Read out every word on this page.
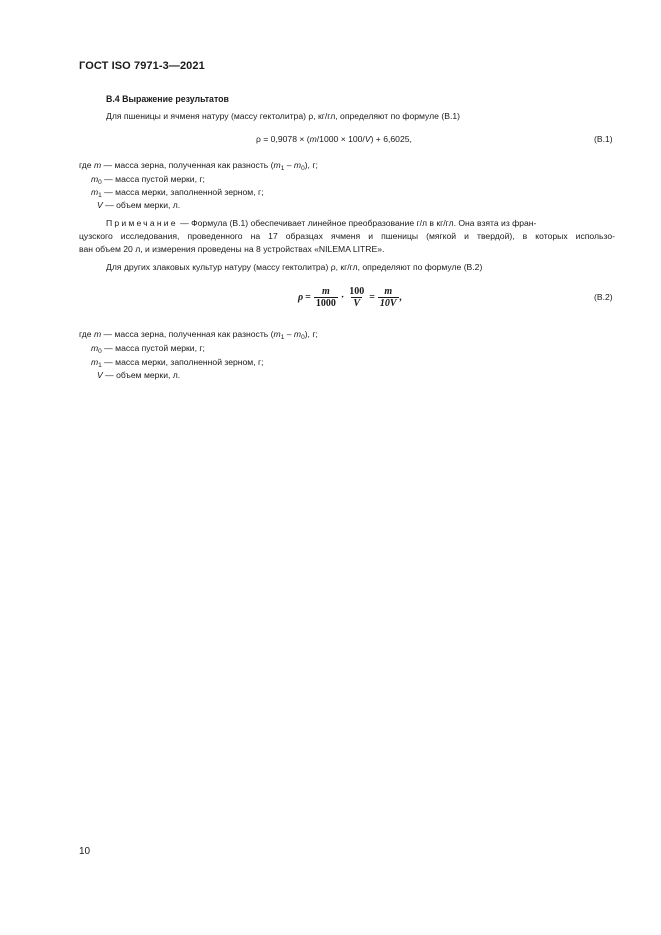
ГОСТ ISO 7971-3—2021
В.4 Выражение результатов
Для пшеницы и ячменя натуру (массу гектолитра) ρ, кг/гл, определяют по формуле (В.1)
ρ = 0,9078 × (m/1000 × 100/V) + 6,6025,	(В.1)
где m — масса зерна, полученная как разность $(m_1 - m_0)$, г;
$m_0$ — масса пустой мерки, г;
$m_1$ — масса мерки, заполненной зерном, г;
V — объем мерки, л.
Примечание — Формула (В.1) обеспечивает линейное преобразование г/л в кг/гл. Она взята из фран-
цузского исследования, проведенного на 17 образцах ячменя и пшеницы (мягкой и твердой), в которых использо-
ван объем 20 л, и измерения проведены на 8 устройствах «NILEMA LITRE».
Для других злаковых культур натуру (массу гектолитра) ρ, кг/гл, определяют по формуле (В.2)
$\rho = \frac{m}{1000} \cdot \frac{100}{V} = \frac{m}{10V}$ ,	(В.2)
где m — масса зерна, полученная как разность $(m_1 - m_0)$, г;
$m_0$ — масса пустой мерки, г;
$m_1$ — масса мерки, заполненной зерном, г;
V — объем мерки, л.
10
